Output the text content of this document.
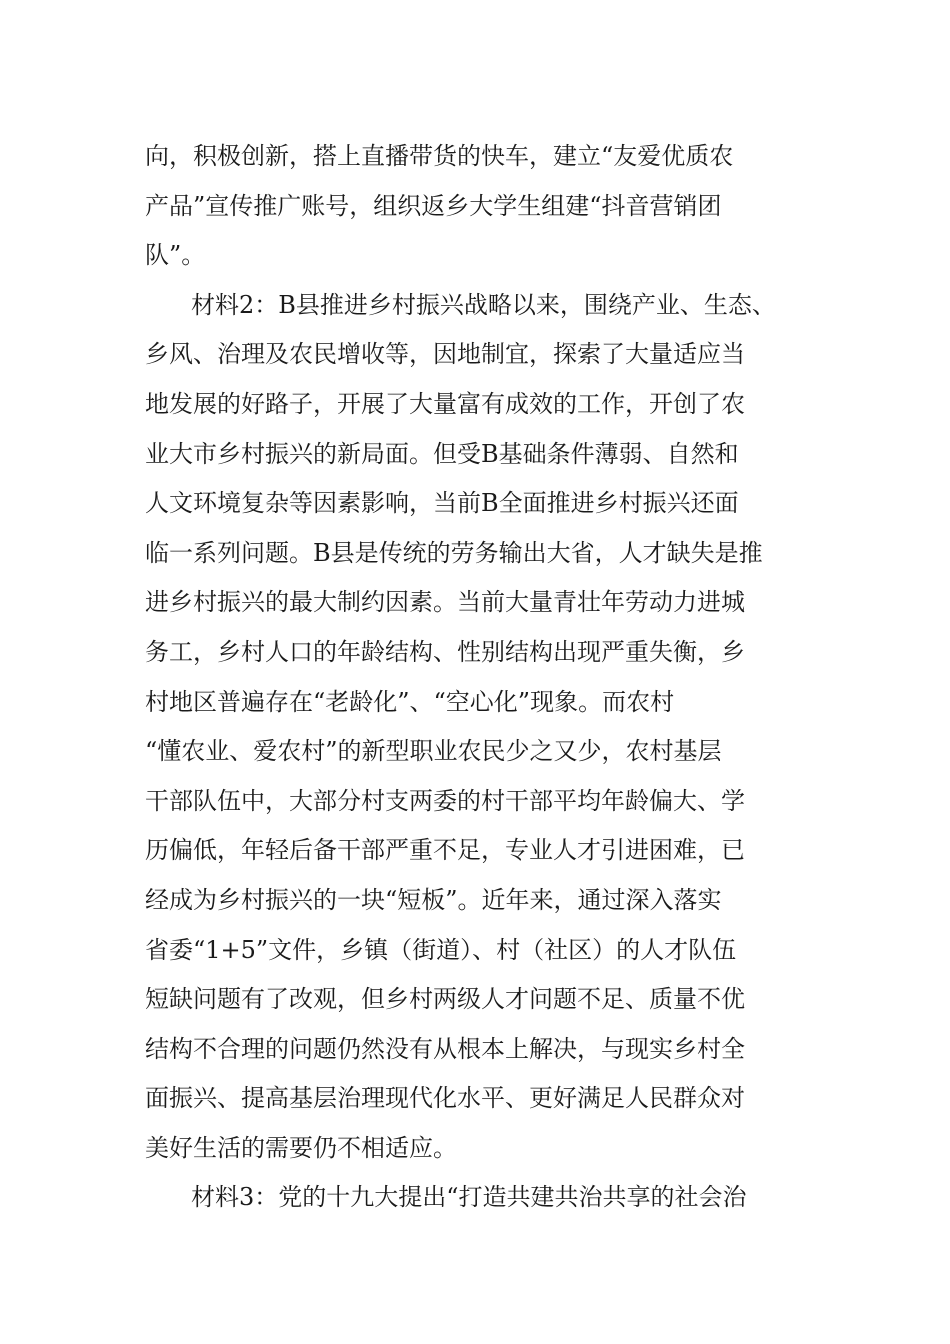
向，积极创新，搭上直播带货的快车，建立“友爱优质农
产品”宣传推广账号，组织返乡大学生组建“抖音营销团
队”。
材料2：B县推进乡村振兴战略以来，围绕产业、生态、
乡风、治理及农民增收等，因地制宜，探索了大量适应当
地发展的好路子，开展了大量富有成效的工作，开创了农
业大市乡村振兴的新局面。但受B基础条件薄弱、自然和
人文环境复杂等因素影响，当前B全面推进乡村振兴还面
临一系列问题。B县是传统的劳务输出大省，人才缺失是推
进乡村振兴的最大制约因素。当前大量青壮年劳动力进城
务工，乡村人口的年龄结构、性别结构出现严重失衡，乡
村地区普遍存在“老龄化”、“空心化”现象。而农村
“懂农业、爱农村”的新型职业农民少之又少，农村基层
干部队伍中，大部分村支两委的村干部平均年龄偏大、学
历偏低，年轻后备干部严重不足，专业人才引进困难，已
经成为乡村振兴的一块“短板”。近年来，通过深入落实
省委“1+5”文件，乡镇（街道）、村（社区）的人才队伍
短缺问题有了改观，但乡村两级人才问题不足、质量不优
结构不合理的问题仍然没有从根本上解决，与现实乡村全
面振兴、提高基层治理现代化水平、更好满足人民群众对
美好生活的需要仍不相适应。
材料3：党的十九大提出“打造共建共治共享的社会治
